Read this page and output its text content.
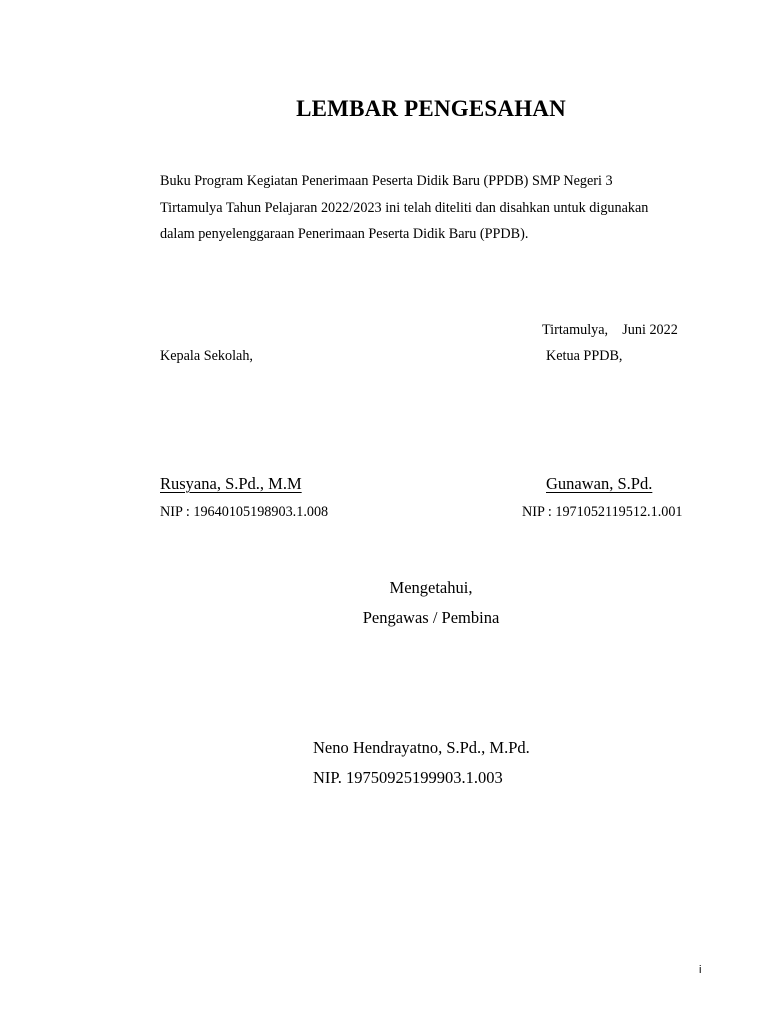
LEMBAR PENGESAHAN

Buku Program Kegiatan Penerimaan Peserta Didik Baru (PPDB) SMP Negeri 3
Tirtamulya Tahun Pelajaran 2022/2023 ini telah diteliti dan disahkan untuk digunakan
dalam penyelenggaraan Penerimaan Peserta Didik Baru (PPDB).

Tirtamulya,    Juni 2022
Kepala Sekolah,	Ketua PPDB,
Rusyana, S.Pd., M.M	Gunawan, S.Pd.
NIP : 19640105198903.1.008	NIP : 1971052119512.1.001
Mengetahui,
Pengawas / Pembina
Neno Hendrayatno, S.Pd., M.Pd.
NIP. 19750925199903.1.003
i
